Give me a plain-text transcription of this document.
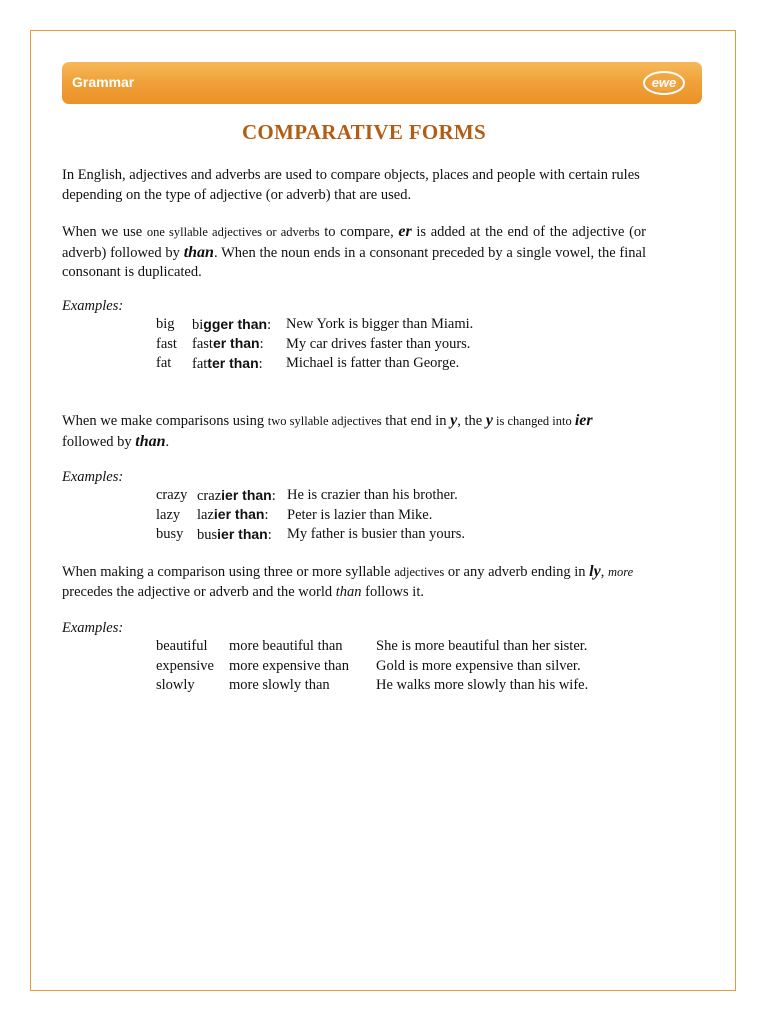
Grammar	ewe
COMPARATIVE FORMS
In English, adjectives and adverbs are used to compare objects, places and people with certain rules depending on the type of adjective (or adverb) that are used.
When we use one syllable adjectives or adverbs to compare, er is added at the end of the adjective (or adverb) followed by than. When the noun ends in a consonant preceded by a single vowel, the final consonant is duplicated.
Examples:
big	bigger than:	New York is bigger than Miami.
fast	faster than:	My car drives faster than yours.
fat	fatter than:	Michael is fatter than George.
When we make comparisons using two syllable adjectives that end in y, the y is changed into ier followed by than.
Examples:
crazy	crazier than:	He is crazier than his brother.
lazy	lazier than:	Peter is lazier than Mike.
busy	busier than:	My father is busier than yours.
When making a comparison using three or more syllable adjectives or any adverb ending in ly, more precedes the adjective or adverb and the world than follows it.
Examples:
beautiful	more beautiful than	She is more beautiful than her sister.
expensive	more expensive than	Gold is more expensive than silver.
slowly	more slowly than	He walks more slowly than his wife.
